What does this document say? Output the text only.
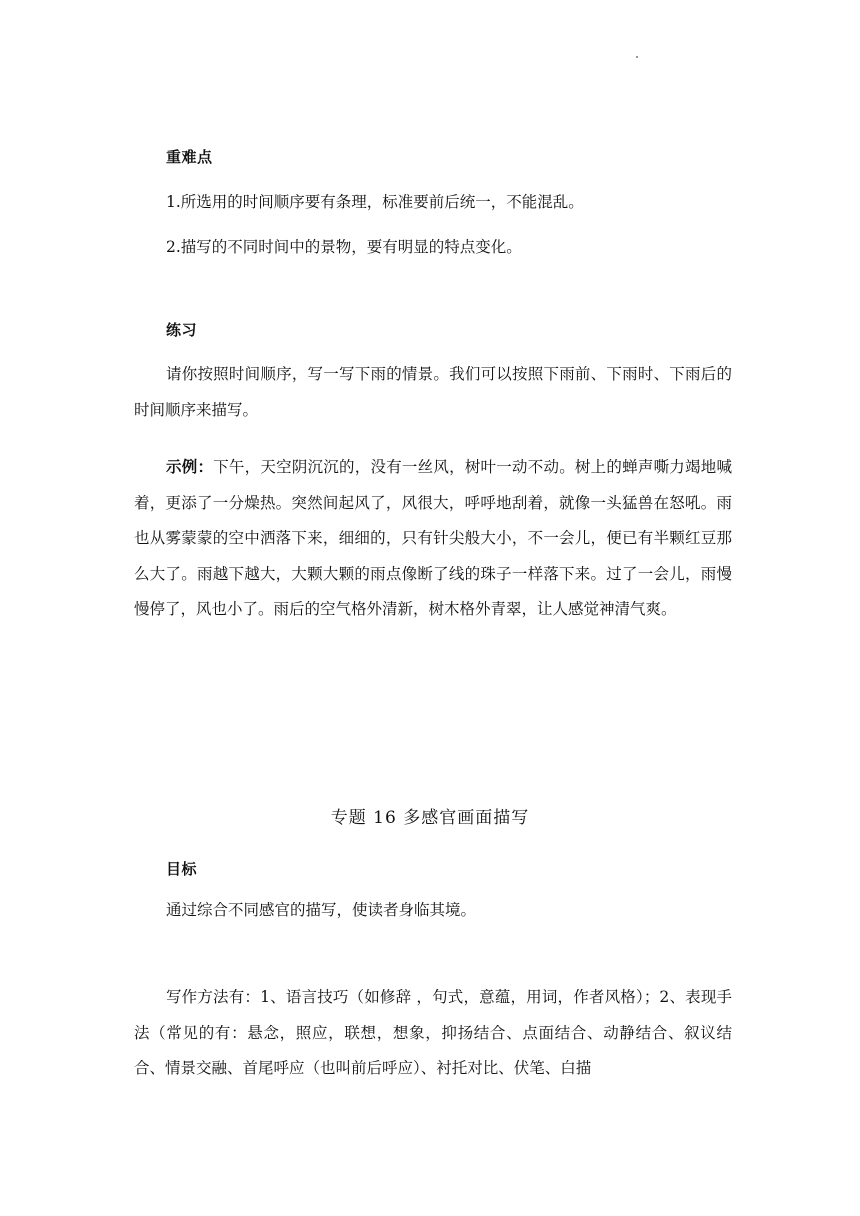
重难点
1.所选用的时间顺序要有条理，标准要前后统一，不能混乱。
2.描写的不同时间中的景物，要有明显的特点变化。
练习

请你按照时间顺序，写一写下雨的情景。我们可以按照下雨前、下雨时、下雨后的时间顺序来描写。

示例：下午，天空阴沉沉的，没有一丝风，树叶一动不动。树上的蝉声嘶力竭地喊着，更添了一分燥热。突然间起风了，风很大，呼呼地刮着，就像一头猛兽在怒吼。雨也从雾蒙蒙的空中洒落下来，细细的，只有针尖般大小，不一会儿，便已有半颗红豆那么大了。雨越下越大，大颗大颗的雨点像断了线的珠子一样落下来。过了一会儿，雨慢慢停了，风也小了。雨后的空气格外清新，树木格外青翠，让人感觉神清气爽。

专题 16 多感官画面描写
目标

通过综合不同感官的描写，使读者身临其境。

写作方法有：1、语言技巧（如修辞 ，句式，意蕴，用词，作者风格）；2、表现手法（常见的有：悬念，照应，联想，想象，抑扬结合、点面结合、动静结合、叙议结合、情景交融、首尾呼应（也叫前后呼应）、衬托对比、伏笔、白描
